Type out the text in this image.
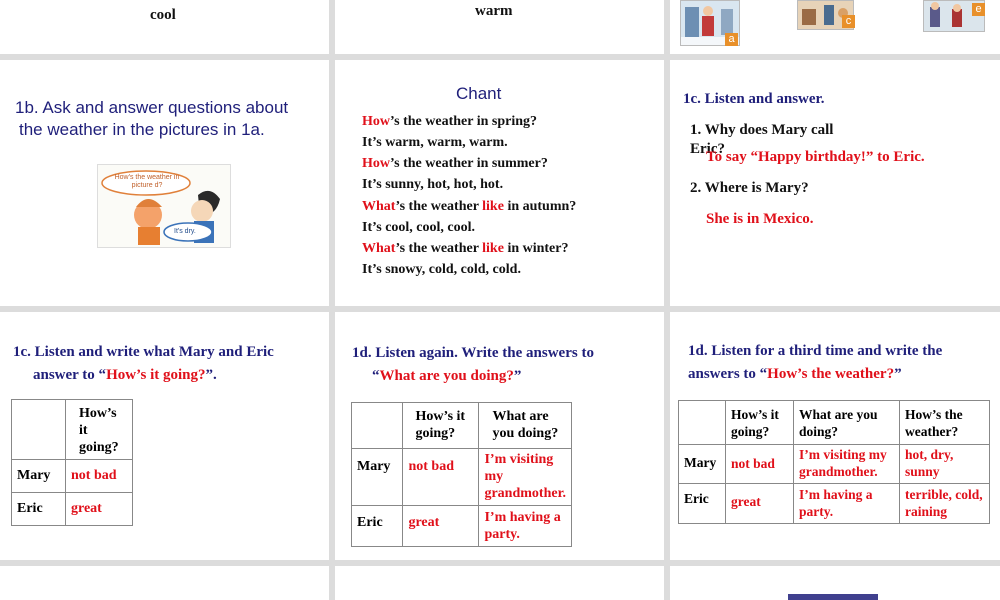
cool	warm
a
c
e
1b. Ask and answer questions about
the weather in the pictures in 1a.
How's the weather in picture d?
It's dry.
Chant
How’s the weather in spring?
It’s warm, warm, warm.
How’s the weather in summer?
It’s sunny, hot, hot, hot.
What’s the weather like in autumn?
It’s cool, cool, cool.
What’s the weather like in winter?
It’s snowy, cold, cold, cold.
1c. Listen and answer.
1. Why does Mary call Eric?
To say “Happy birthday!” to Eric.
2. Where is Mary?
She is in Mexico.
1c. Listen and write what Mary and Eric
answer to “How’s it going?”.
	How’s it going?
Mary	not bad
Eric	great
1d. Listen again. Write the answers to
“What are you doing?”
	How’s it going?	What are you doing?
Mary	not bad	I’m visiting my grandmother.
Eric	great	I’m having a party.
1d. Listen for a third time and write the
answers to “How’s the weather?”
	How’s it going?	What are you doing?	How’s the weather?
Mary	not bad	I’m visiting my grandmother.	hot, dry, sunny
Eric	great	I’m having a party.	terrible, cold, raining
